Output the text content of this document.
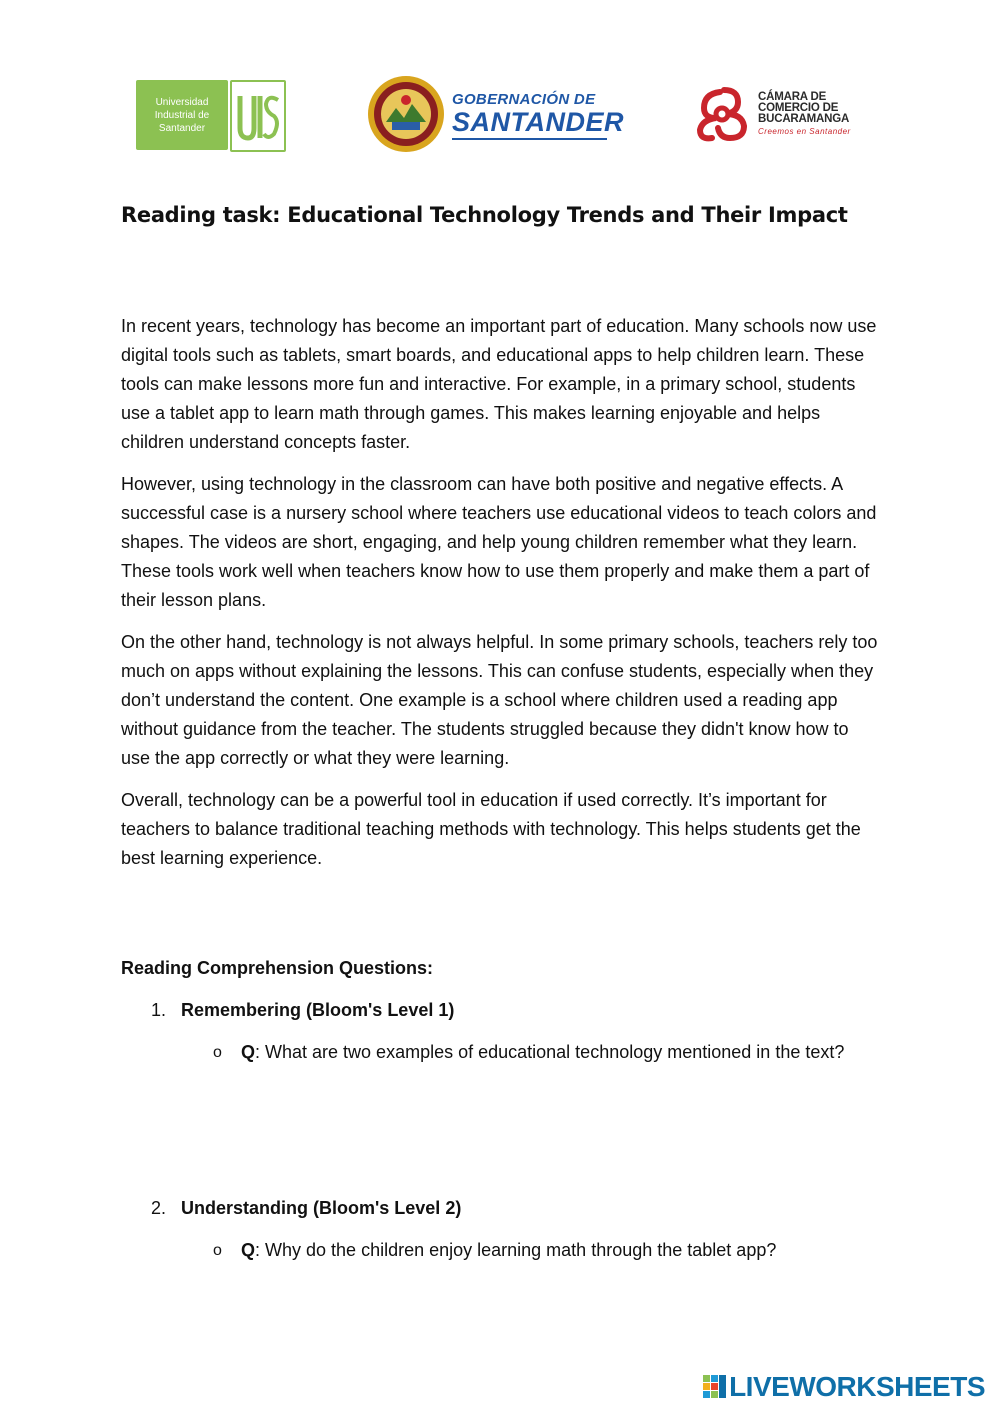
Universidad
Industrial de
Santander
GOBERNACIÓN DE
SANTANDER
CÁMARA DE
COMERCIO DE
BUCARAMANGA
Creemos en Santander
Reading task: Educational Technology Trends and Their Impact

In recent years, technology has become an important part of education. Many schools now use digital tools such as tablets, smart boards, and educational apps to help children learn. These tools can make lessons more fun and interactive. For example, in a primary school, students use a tablet app to learn math through games. This makes learning enjoyable and helps children understand concepts faster.

However, using technology in the classroom can have both positive and negative effects. A successful case is a nursery school where teachers use educational videos to teach colors and shapes. The videos are short, engaging, and help young children remember what they learn. These tools work well when teachers know how to use them properly and make them a part of their lesson plans.

On the other hand, technology is not always helpful. In some primary schools, teachers rely too much on apps without explaining the lessons. This can confuse students, especially when they don’t understand the content. One example is a school where children used a reading app without guidance from the teacher. The students struggled because they didn't know how to use the app correctly or what they were learning.

Overall, technology can be a powerful tool in education if used correctly. It’s important for teachers to balance traditional teaching methods with technology. This helps students get the best learning experience.

Reading Comprehension Questions:
1. Remembering (Bloom's Level 1)
o Q: What are two examples of educational technology mentioned in the text?
2. Understanding (Bloom's Level 2)
o Q: Why do the children enjoy learning math through the tablet app?
LIVEWORKSHEETS
